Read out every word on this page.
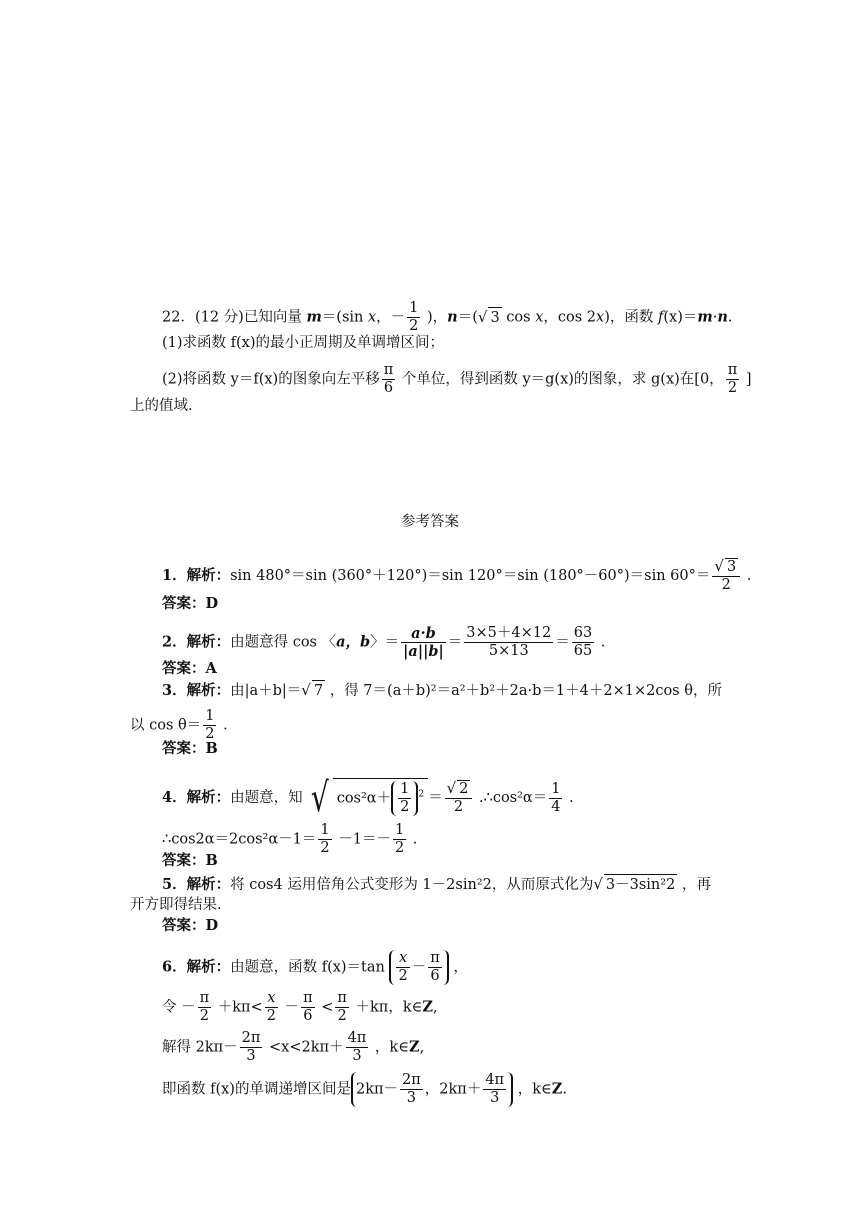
22．(12 分)已知向量 m＝(sin x，－ $\frac{1}{2}$ )，n＝(√ 3 cos x，cos 2x)，函数 f(x)＝m·n.
(1)求函数 f(x)的最小正周期及单调增区间；
(2)将函数 y＝f(x)的图象向左平移 $\frac{\pi}{6}$ 个单位，得到函数 y＝g(x)的图象，求 g(x)在[0， $\frac{\pi}{2}$ ]
上的值域.
参考答案
1．解析：sin 480°＝sin (360°＋120°)＝sin 120°＝sin (180°－60°)＝sin $60^\circ= \frac{√ 3}{2}$ .
答案：D
2．解析：由题意得 cos 〈a，b〉＝ $\frac{a\cdot b}{|a||b|} = \frac{3\times 5+4\times 12}{5\times 13} = \frac{63}{65}$ .
答案：A
3．解析：由|a＋b|＝√ 7 ，得 7＝(a＋b)²＝a²＋b²＋2a·b＝1＋4＋2×1×2cos θ，所
以 $\cos \theta= \frac{1}{2}$ .
答案：B
4．解析：由题意，知 √ $\cos^2\alpha+ \frac{1}{2} ^2 = \frac{√ 2}{2}$ .∴cos²α＝ $\frac{1}{4}$ .
∴cos2α＝2cos²α－1＝ $\frac{1}{2} -1=- \frac{1}{2}$ .
答案：B
5．解析：将 cos4 运用倍角公式变形为 1－2sin²2，从而原式化为√ 3－3sin²2 ，再
开方即得结果.
答案：D
6．解析：由题意，函数 $f(x)=\tan \frac{x}{2} - \frac{\pi}{6}$ ，
令 － $\frac{\pi}{2} +k\pi< \frac{x}{2} - \frac{\pi}{6} < \frac{\pi}{2} +k\pi$，k∈Z,
解得 $2k\pi- \frac{2\pi}{3} <x<2k\pi+ \frac{4\pi}{3}$ ，k∈Z,
即函数 f(x)的单调递增区间是 $2k\pi- \frac{2\pi}{3}$ ，$2k\pi+ \frac{4\pi}{3}$ ，k∈Z.
